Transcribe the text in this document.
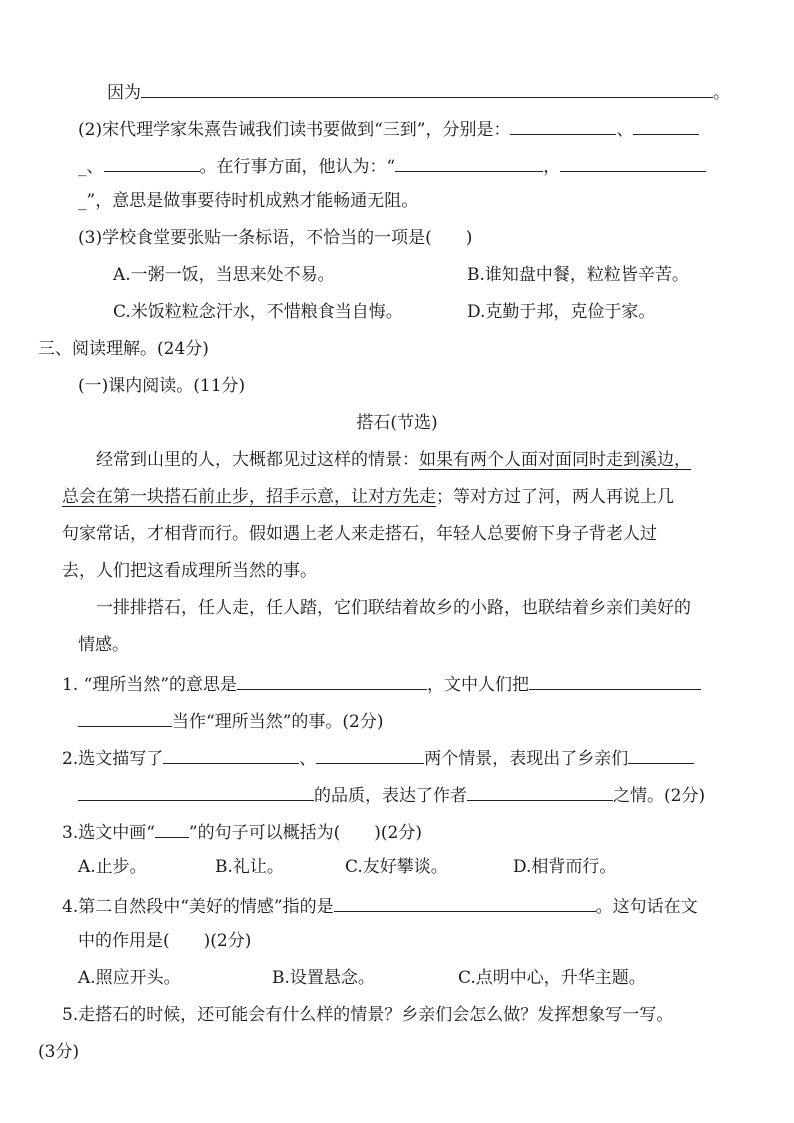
因为	。
(2)宋代理学家朱熹告诫我们读书要做到“三到”，分别是：	、
_、	。在行事方面，他认为：“	，
_”，意思是做事要待时机成熟才能畅通无阻。
(3)学校食堂要张贴一条标语，不恰当的一项是(　　)
A.一粥一饭，当思来处不易。	B.谁知盘中餐，粒粒皆辛苦。
C.米饭粒粒念汗水，不惜粮食当自悔。	D.克勤于邦，克俭于家。
三、阅读理解。(24分)
(一)课内阅读。(11分)
搭石(节选)
经常到山里的人，大概都见过这样的情景：如果有两个人面对面同时走到溪边，
总会在第一块搭石前止步，招手示意，让对方先走；等对方过了河，两人再说上几
句家常话，才相背而行。假如遇上老人来走搭石，年轻人总要俯下身子背老人过
去，人们把这看成理所当然的事。
一排排搭石，任人走，任人踏，它们联结着故乡的小路，也联结着乡亲们美好的
情感。
1. “理所当然”的意思是	，文中人们把
当作“理所当然”的事。(2分)
2.选文描写了	、	两个情景，表现出了乡亲们
的品质，表达了作者	之情。(2分)
3.选文中画“ ”的句子可以概括为(　　)(2分)
A.止步。	B.礼让。	C.友好攀谈。	D.相背而行。
4.第二自然段中“美好的情感”指的是	。这句话在文
中的作用是(　　)(2分)
A.照应开头。	B.设置悬念。	C.点明中心，升华主题。
5.走搭石的时候，还可能会有什么样的情景？乡亲们会怎么做？发挥想象写一写。
(3分)
